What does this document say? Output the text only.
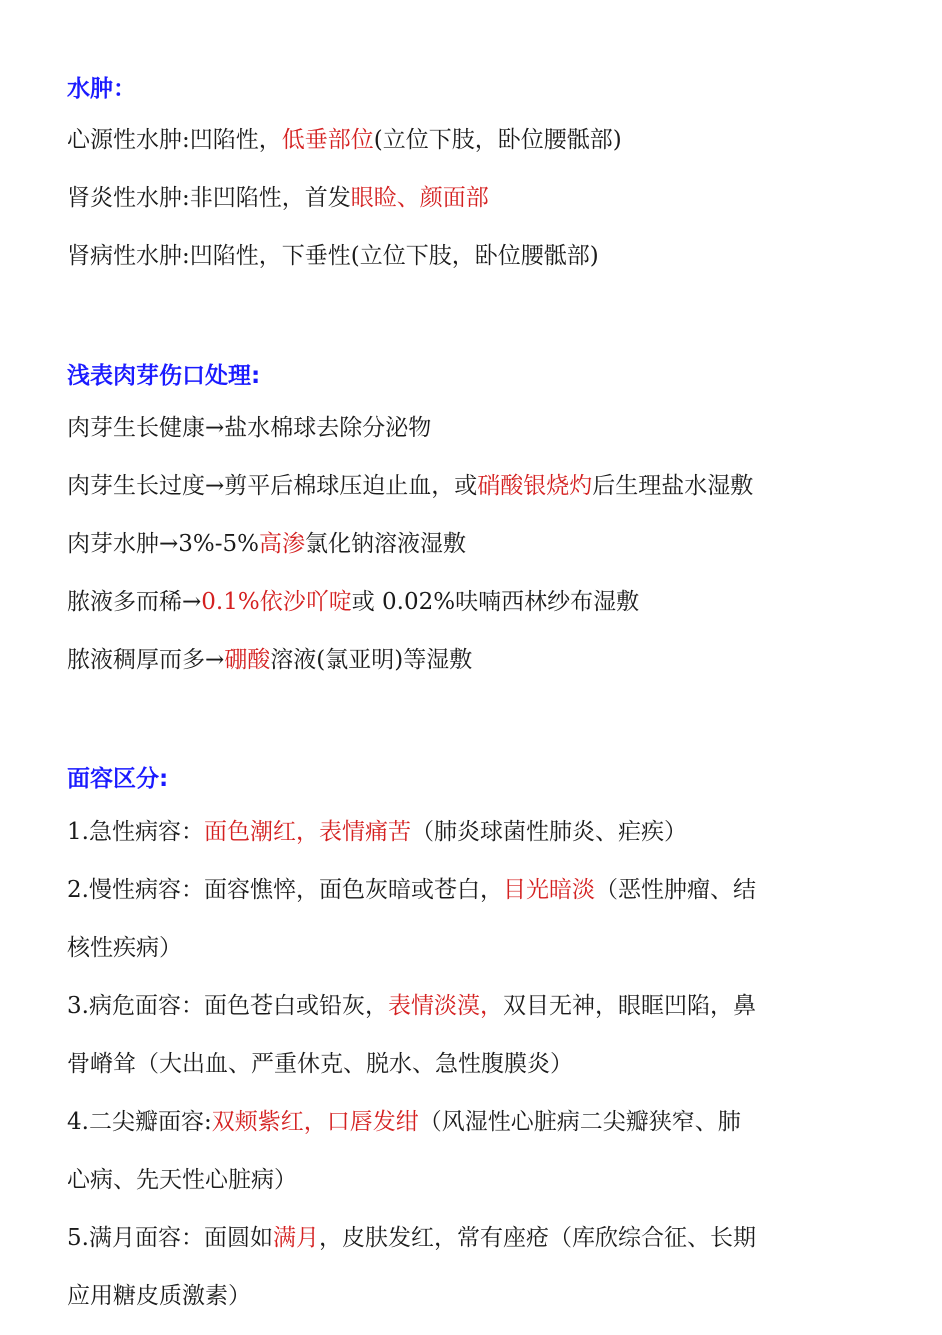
水肿：
心源性水肿:凹陷性，低垂部位(立位下肢，卧位腰骶部)
肾炎性水肿:非凹陷性，首发眼睑、颜面部
肾病性水肿:凹陷性，下垂性(立位下肢，卧位腰骶部)
浅表肉芽伤口处理:
肉芽生长健康→盐水棉球去除分泌物
肉芽生长过度→剪平后棉球压迫止血，或硝酸银烧灼后生理盐水湿敷
肉芽水肿→3%-5%高渗氯化钠溶液湿敷
脓液多而稀→0.1%依沙吖啶或 0.02%呋喃西林纱布湿敷
脓液稠厚而多→硼酸溶液(氯亚明)等湿敷
面容区分:
1.急性病容：面色潮红，表情痛苦（肺炎球菌性肺炎、疟疾）
2.慢性病容：面容憔悴，面色灰暗或苍白，目光暗淡（恶性肿瘤、结
核性疾病）
3.病危面容：面色苍白或铅灰，表情淡漠，双目无神，眼眶凹陷，鼻
骨嵴耸（大出血、严重休克、脱水、急性腹膜炎）
4.二尖瓣面容:双颊紫红，口唇发绀（风湿性心脏病二尖瓣狭窄、肺
心病、先天性心脏病）
5.满月面容：面圆如满月，皮肤发红，常有座疮（库欣综合征、长期
应用糖皮质激素）
